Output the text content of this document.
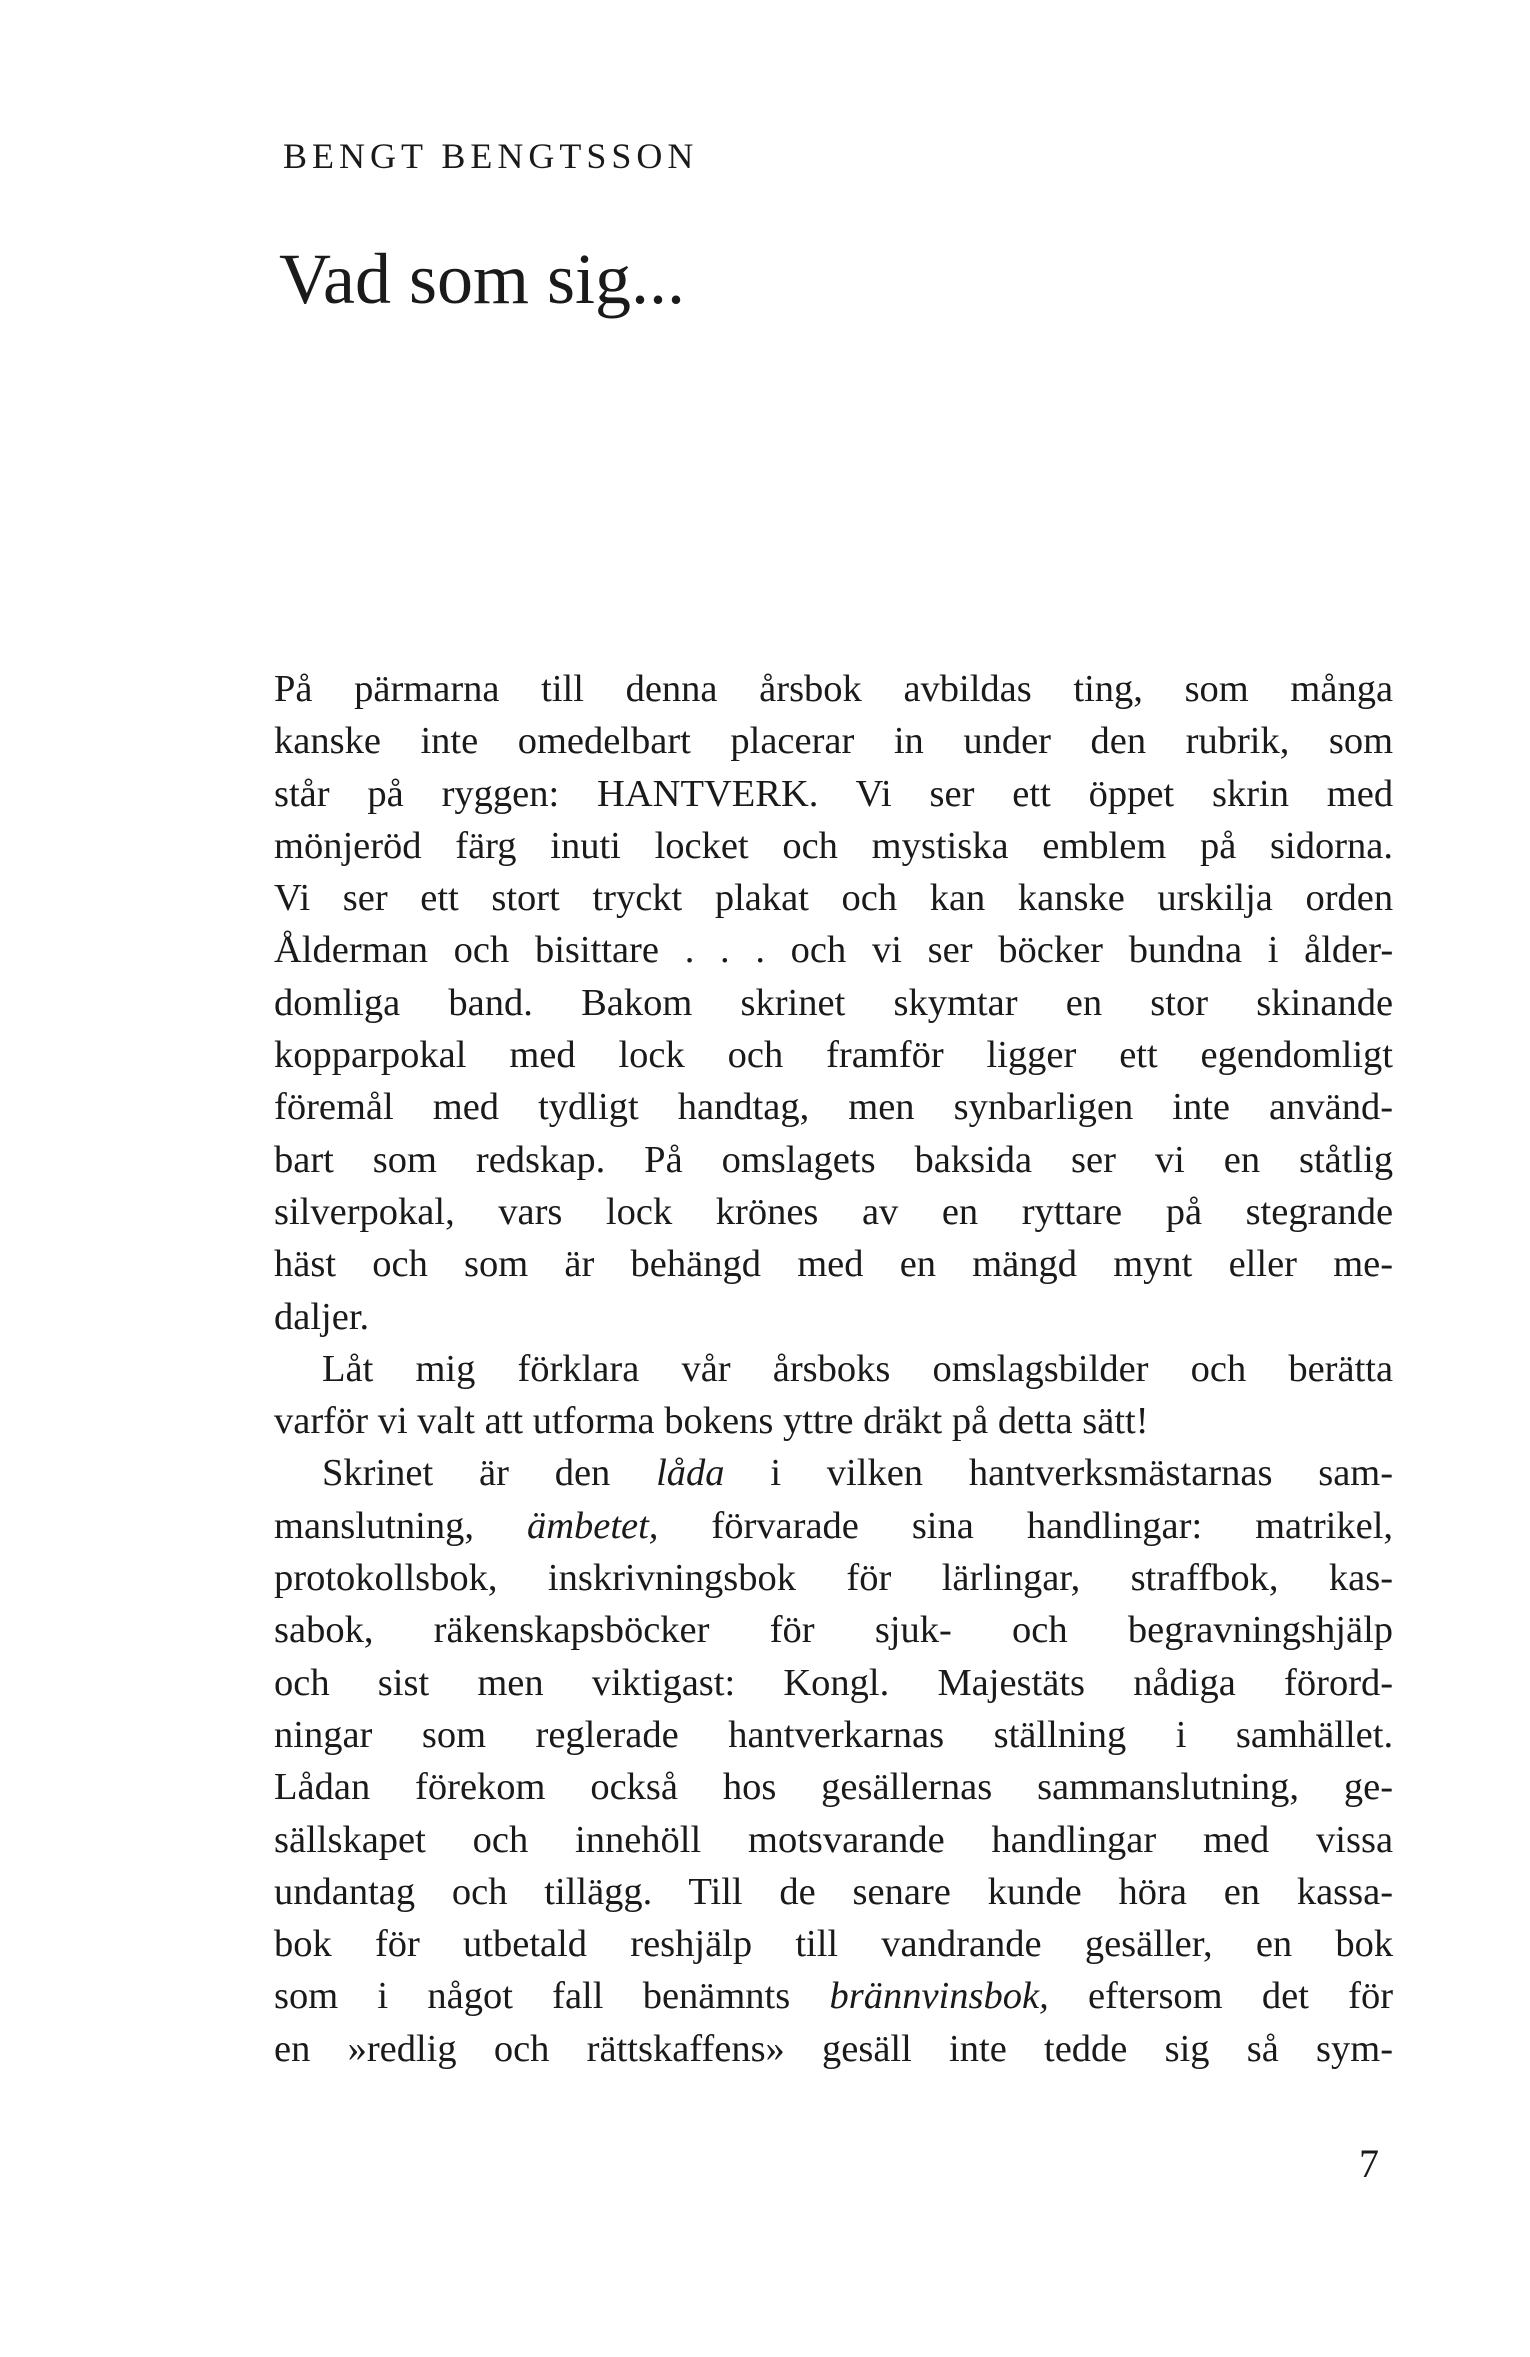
BENGT BENGTSSON
Vad som sig...
På pärmarna till denna årsbok avbildas ting, som många
kanske inte omedelbart placerar in under den rubrik, som
står på ryggen: HANTVERK. Vi ser ett öppet skrin med
mönjeröd färg inuti locket och mystiska emblem på sidorna.
Vi ser ett stort tryckt plakat och kan kanske urskilja orden
Ålderman och bisittare . . . och vi ser böcker bundna i ålder-
domliga band. Bakom skrinet skymtar en stor skinande
kopparpokal med lock och framför ligger ett egendomligt
föremål med tydligt handtag, men synbarligen inte använd-
bart som redskap. På omslagets baksida ser vi en ståtlig
silverpokal, vars lock krönes av en ryttare på stegrande
häst och som är behängd med en mängd mynt eller me-
daljer.
Låt mig förklara vår årsboks omslagsbilder och berätta
varför vi valt att utforma bokens yttre dräkt på detta sätt!
Skrinet är den låda i vilken hantverksmästarnas sam-
manslutning, ämbetet, förvarade sina handlingar: matrikel,
protokollsbok, inskrivningsbok för lärlingar, straffbok, kas-
sabok, räkenskapsböcker för sjuk- och begravningshjälp
och sist men viktigast: Kongl. Majestäts nådiga förord-
ningar som reglerade hantverkarnas ställning i samhället.
Lådan förekom också hos gesällernas sammanslutning, ge-
sällskapet och innehöll motsvarande handlingar med vissa
undantag och tillägg. Till de senare kunde höra en kassa-
bok för utbetald reshjälp till vandrande gesäller, en bok
som i något fall benämnts brännvinsbok, eftersom det för
en »redlig och rättskaffens» gesäll inte tedde sig så sym-
7
